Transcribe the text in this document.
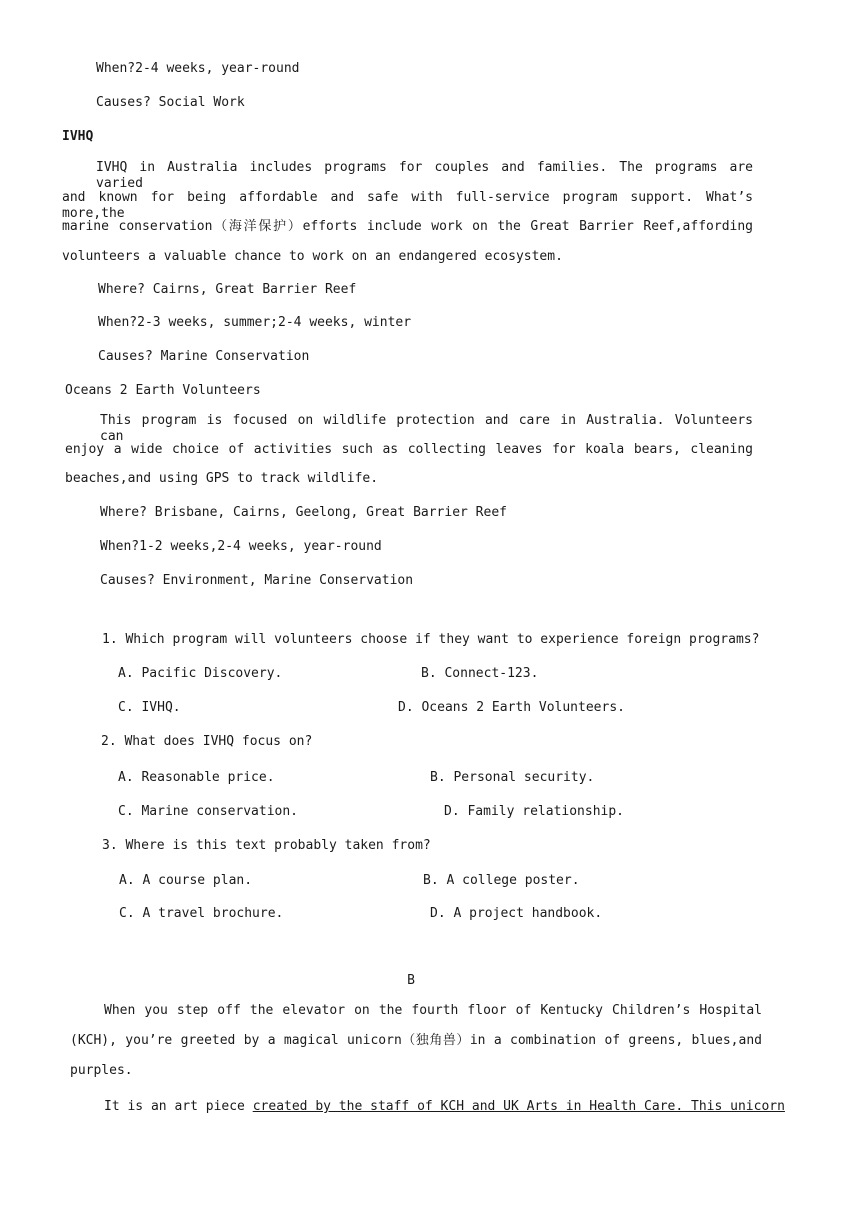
When?2-4 weeks, year-round
Causes? Social Work
IVHQ
IVHQ in Australia includes programs for couples and families. The programs are varied
and known for being affordable and safe with full-service program support. What’s more,the
marine conservation（海洋保护）efforts include work on the Great Barrier Reef,affording
volunteers a valuable chance to work on an endangered ecosystem.
Where? Cairns, Great Barrier Reef
When?2-3 weeks, summer;2-4 weeks, winter
Causes? Marine Conservation
Oceans 2 Earth Volunteers
This program is focused on wildlife protection and care in Australia. Volunteers can
enjoy a wide choice of activities such as collecting leaves for koala bears, cleaning
beaches,and using GPS to track wildlife.
Where? Brisbane, Cairns, Geelong, Great Barrier Reef
When?1-2 weeks,2-4 weeks, year-round
Causes? Environment, Marine Conservation
1. Which program will volunteers choose if they want to experience foreign programs?
A. Pacific Discovery.	B. Connect-123.
C. IVHQ.	D. Oceans 2 Earth Volunteers.
2. What does IVHQ focus on?
A. Reasonable price.	B. Personal security.
C. Marine conservation.	D. Family relationship.
3. Where is this text probably taken from?
A. A course plan.	B. A college poster.
C. A travel brochure.	D. A project handbook.
B
When you step off the elevator on the fourth floor of Kentucky Children’s Hospital
(KCH), you’re greeted by a magical unicorn（独角兽）in a combination of greens, blues,and
purples.
It is an art piece created by the staff of KCH and UK Arts in Health Care. This unicorn
